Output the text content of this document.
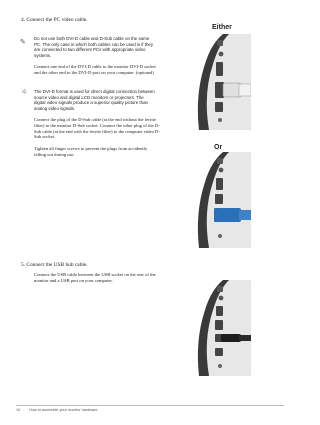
4. Connect the PC video cable.
✎	Do not use both DVI-D cable and D-Sub cable on the same PC. The only case in which both cables can be used is if they are connected to two different PCs with appropriate video systems.
Connect one end of the DVI-D cable to the monitor DVI-D socket and the other end to the DVI-D port on your computer. (optional)
☼	The DVI-D format is used for direct digital connection between source video and digital LCD monitors or projectors. The digital video signals produce a superior quality picture than analog video signals.
Connect the plug of the D-Sub cable (at the end without the ferrite filter) to the monitor D-Sub socket. Connect the other plug of the D-Sub cable (at the end with the ferrite filter) to the computer video D-Sub socket.
Tighten all finger screws to prevent the plugs from accidently falling out during use.
5. Connect the USB hub cable.
Connect the USB cable between the USB socket on the rear of the monitor and a USB port on your computer.
Either
Or
10 How to assemble your monitor hardware
